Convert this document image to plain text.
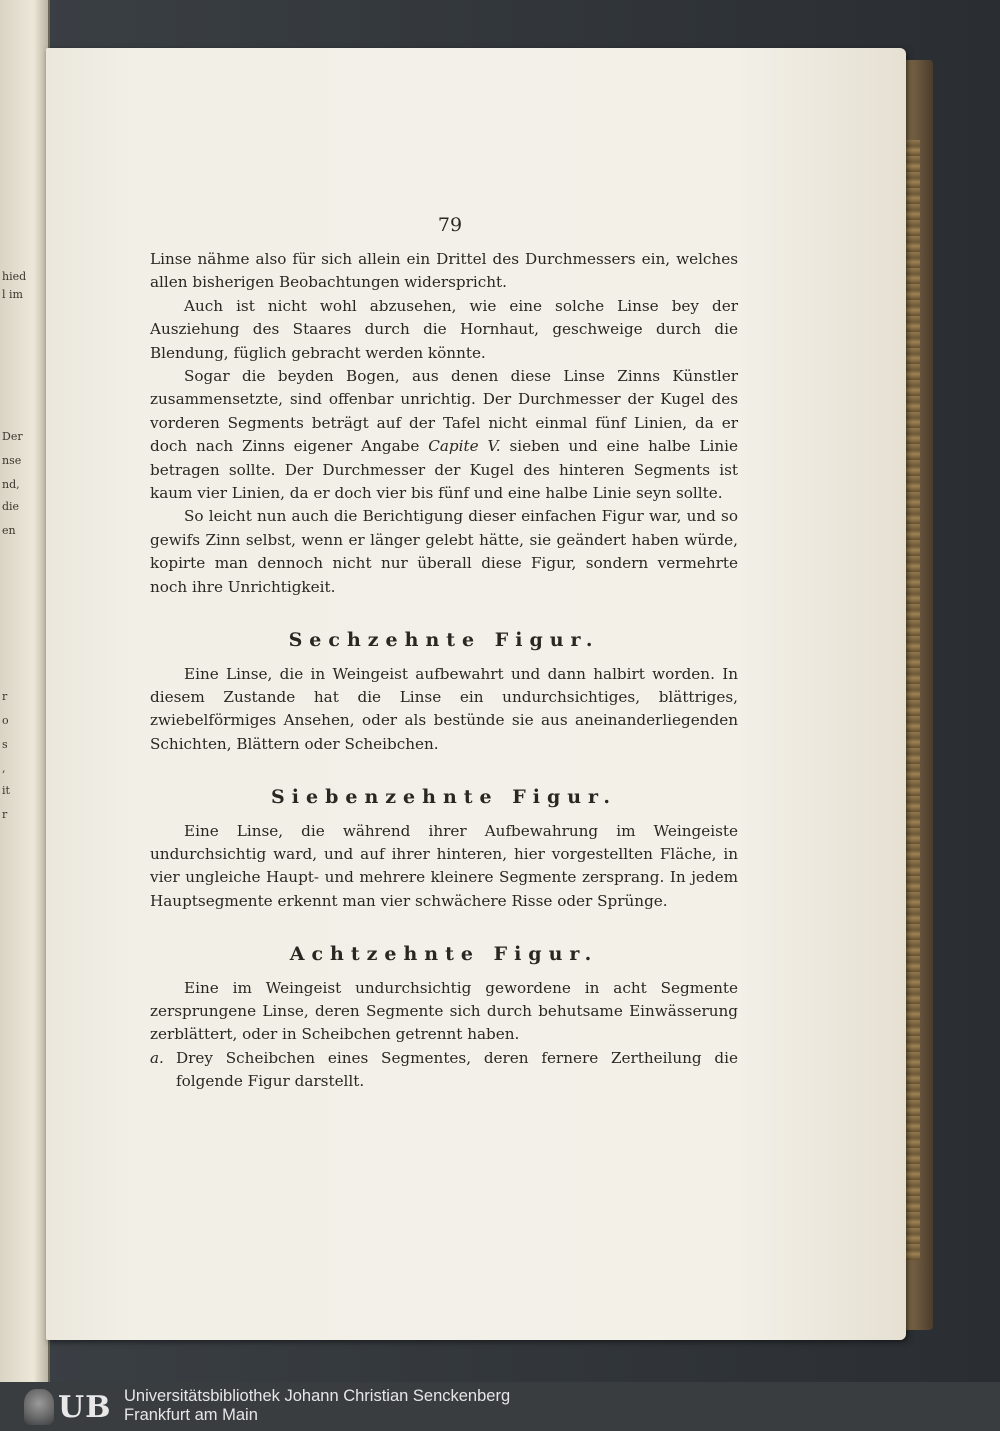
hied
l im
Der
nse
nd,
die
en
r
o
s
,
it
r
79

Linse nähme also für sich allein ein Drittel des Durchmessers ein, welches allen bisherigen Beobachtungen widerspricht.

Auch ist nicht wohl abzusehen, wie eine solche Linse bey der Ausziehung des Staares durch die Hornhaut, geschweige durch die Blendung, füglich gebracht werden könnte.

Sogar die beyden Bogen, aus denen diese Linse Zinns Künstler zusammensetzte, sind offenbar unrichtig. Der Durchmesser der Kugel des vorderen Segments beträgt auf der Tafel nicht einmal fünf Linien, da er doch nach Zinns eigener Angabe Capite V. sieben und eine halbe Linie betragen sollte. Der Durchmesser der Kugel des hinteren Segments ist kaum vier Linien, da er doch vier bis fünf und eine halbe Linie seyn sollte.

So leicht nun auch die Berichtigung dieser einfachen Figur war, und so gewifs Zinn selbst, wenn er länger gelebt hätte, sie geändert haben würde, kopirte man dennoch nicht nur überall diese Figur, sondern vermehrte noch ihre Unrichtigkeit.

Sechzehnte Figur.

Eine Linse, die in Weingeist aufbewahrt und dann halbirt worden. In diesem Zustande hat die Linse ein undurchsichtiges, blättriges, zwiebelförmiges Ansehen, oder als bestünde sie aus aneinanderliegenden Schichten, Blättern oder Scheibchen.

Siebenzehnte Figur.

Eine Linse, die während ihrer Aufbewahrung im Weingeiste undurchsichtig ward, und auf ihrer hinteren, hier vorgestellten Fläche, in vier ungleiche Haupt- und mehrere kleinere Segmente zersprang. In jedem Hauptsegmente erkennt man vier schwächere Risse oder Sprünge.

Achtzehnte Figur.

Eine im Weingeist undurchsichtig gewordene in acht Segmente zersprungene Linse, deren Segmente sich durch behutsame Einwässerung zerblättert, oder in Scheibchen getrennt haben.

a. Drey Scheibchen eines Segmentes, deren fernere Zertheilung die folgende Figur darstellt.
UB Universitätsbibliothek Johann Christian Senckenberg
Frankfurt am Main
